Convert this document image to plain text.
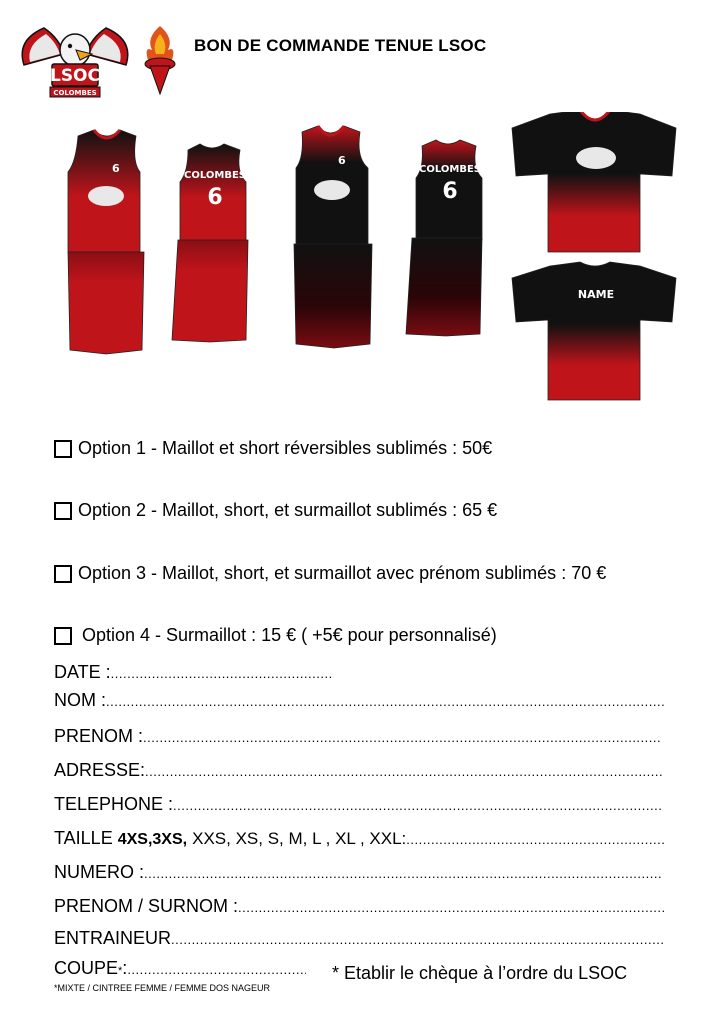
LSOC
COLOMBES
BON DE COMMANDE TENUE LSOC
6
COLOMBES
6
6
COLOMBES
6
NAME
Option 1 - Maillot et short réversibles sublimés : 50€
Option 2 - Maillot, short, et surmaillot sublimés : 65 €
Option 3 - Maillot, short, et surmaillot avec prénom sublimés : 70 €
Option 4 - Surmaillot : 15 € ( +5€ pour personnalisé)
DATE :
.....
NOM :
.....
PRENOM :
.....
ADRESSE:
.....
TELEPHONE :
.....
TAILLE
4XS,3XS,
XXS, XS, S, M, L , XL , XXL:
.....
NUMERO :
.....
PRENOM / SURNOM :
.....
ENTRAINEUR
.....
COUPE * :
.....
*MIXTE / CINTREE FEMME / FEMME DOS NAGEUR
* Etablir le chèque à l’ordre du LSOC
